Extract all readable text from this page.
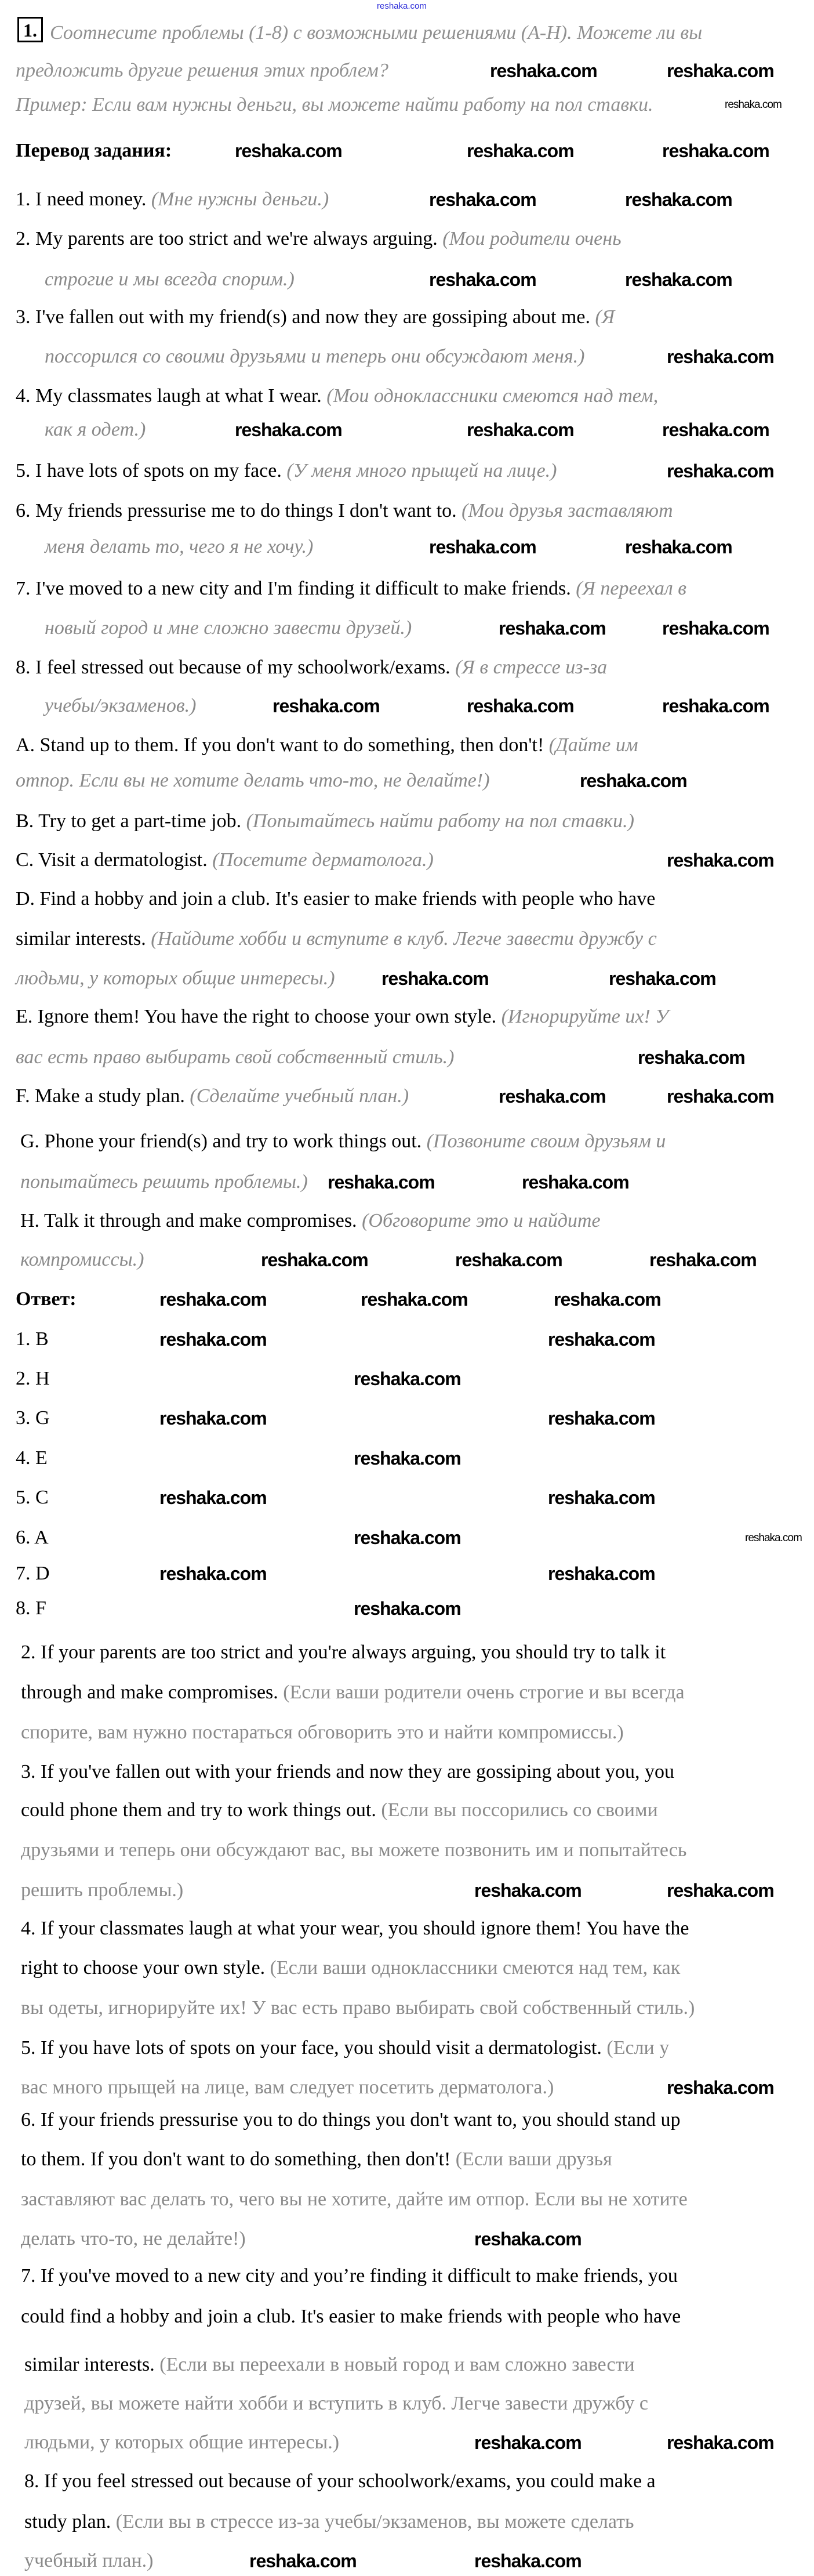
reshaka.com
1.
Перевод задания:
Ответ:
Соотнесите проблемы (1-8) с возможными решениями (А-Н). Можете ли вы
предложить другие решения этих проблем?
Пример: Если вам нужны деньги, вы можете найти работу на пол ставки.
1. I need money. (Мне нужны деньги.)
2. My parents are too strict and we're always arguing. (Мои родители очень
строгие и мы всегда спорим.)
3. I've fallen out with my friend(s) and now they are gossiping about me. (Я
поссорился со своими друзьями и теперь они обсуждают меня.)
4. My classmates laugh at what I wear. (Мои одноклассники смеются над тем,
как я одет.)
5. I have lots of spots on my face. (У меня много прыщей на лице.)
6. My friends pressurise me to do things I don't want to. (Мои друзья заставляют
меня делать то, чего я не хочу.)
7. I've moved to a new city and I'm finding it difficult to make friends. (Я переехал в
новый город и мне сложно завести друзей.)
8. I feel stressed out because of my schoolwork/exams. (Я в стрессе из-за
учебы/экзаменов.)
A. Stand up to them. If you don't want to do something, then don't! (Дайте им
отпор. Если вы не хотите делать что-то, не делайте!)
B. Try to get a part-time job. (Попытайтесь найти работу на пол ставки.)
C. Visit a dermatologist. (Посетите дерматолога.)
D. Find a hobby and join a club. It's easier to make friends with people who have
similar interests. (Найдите хобби и вступите в клуб. Легче завести дружбу с
людьми, у которых общие интересы.)
E. Ignore them! You have the right to choose your own style. (Игнорируйте их! У
вас есть право выбирать свой собственный стиль.)
F. Make a study plan. (Сделайте учебный план.)
G. Phone your friend(s) and try to work things out. (Позвоните своим друзьям и
попытайтесь решить проблемы.)
H. Talk it through and make compromises. (Обговорите это и найдите
компромиссы.)
1. B
2. H
3. G
4. E
5. C
6. A
7. D
8. F
2. If your parents are too strict and you're always arguing, you should try to talk it
through and make compromises. (Если ваши родители очень строгие и вы всегда
спорите, вам нужно постараться обговорить это и найти компромиссы.)
3. If you've fallen out with your friends and now they are gossiping about you, you
could phone them and try to work things out. (Если вы поссорились со своими
друзьями и теперь они обсуждают вас, вы можете позвонить им и попытайтесь
решить проблемы.)
4. If your classmates laugh at what your wear, you should ignore them! You have the
right to choose your own style. (Если ваши одноклассники смеются над тем, как
вы одеты, игнорируйте их! У вас есть право выбирать свой собственный стиль.)
5. If you have lots of spots on your face, you should visit a dermatologist. (Если у
вас много прыщей на лице, вам следует посетить дерматолога.)
6. If your friends pressurise you to do things you don't want to, you should stand up
to them. If you don't want to do something, then don't! (Если ваши друзья
заставляют вас делать то, чего вы не хотите, дайте им отпор. Если вы не хотите
делать что-то, не делайте!)
7. If you've moved to a new city and you’re finding it difficult to make friends, you
could find a hobby and join a club. It's easier to make friends with people who have
similar interests. (Если вы переехали в новый город и вам сложно завести
друзей, вы можете найти хобби и вступить в клуб. Легче завести дружбу с
людьми, у которых общие интересы.)
8. If you feel stressed out because of your schoolwork/exams, you could make a
study plan. (Если вы в стрессе из-за учебы/экзаменов, вы можете сделать
учебный план.)
reshaka.com	reshaka.com
reshaka.com
reshaka.com	reshaka.com	reshaka.com
reshaka.com	reshaka.com
reshaka.com	reshaka.com
reshaka.com
reshaka.com	reshaka.com	reshaka.com
reshaka.com
reshaka.com	reshaka.com
reshaka.com	reshaka.com
reshaka.com	reshaka.com	reshaka.com
reshaka.com
reshaka.com
reshaka.com	reshaka.com
reshaka.com
reshaka.com	reshaka.com
reshaka.com	reshaka.com
reshaka.com	reshaka.com	reshaka.com
reshaka.com	reshaka.com	reshaka.com
reshaka.com
reshaka.com
reshaka.com
reshaka.com
reshaka.com
reshaka.com
reshaka.com
reshaka.com
reshaka.com
reshaka.com
reshaka.com
reshaka.com
reshaka.com
reshaka.com	reshaka.com
reshaka.com
reshaka.com
reshaka.com	reshaka.com
reshaka.com	reshaka.com
